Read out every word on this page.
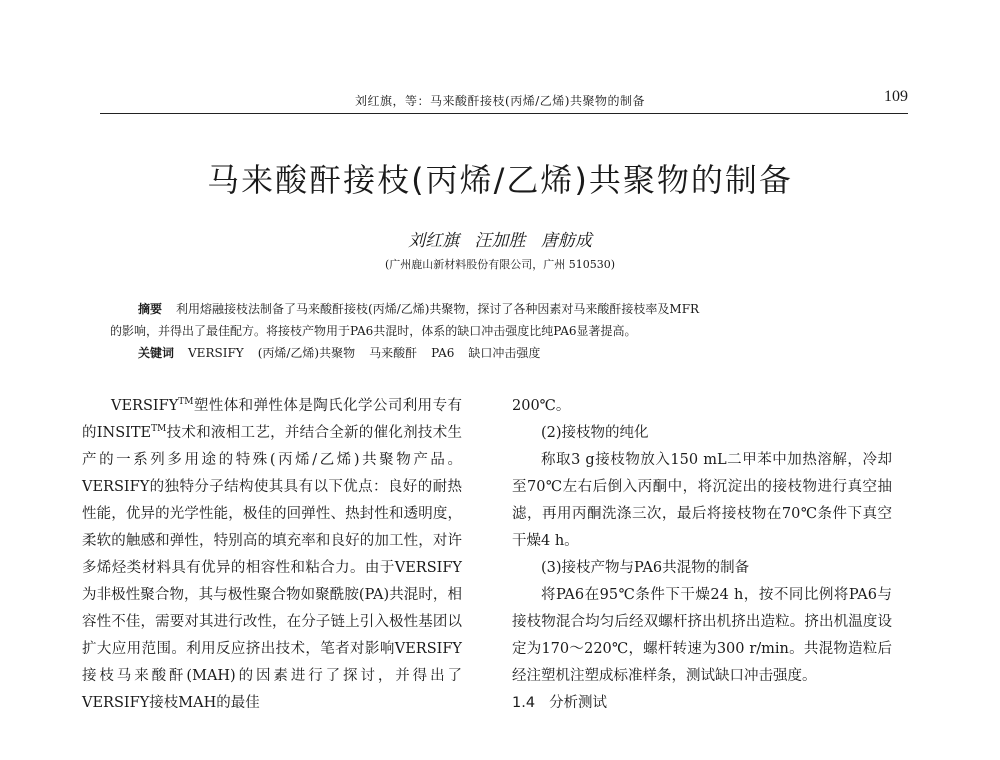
刘红旗，等：马来酸酐接枝(丙烯/乙烯)共聚物的制备	109
马来酸酐接枝(丙烯/乙烯)共聚物的制备
刘红旗 汪加胜 唐舫成
(广州鹿山新材料股份有限公司，广州 510530)

摘要 利用熔融接枝法制备了马来酸酐接枝(丙烯/乙烯)共聚物，探讨了各种因素对马来酸酐接枝率及MFR

的影响，并得出了最佳配方。将接枝产物用于PA6共混时，体系的缺口冲击强度比纯PA6显著提高。

关键词 VERSIFY (丙烯/乙烯)共聚物 马来酸酐 PA6 缺口冲击强度

VERSIFY™塑性体和弹性体是陶氏化学公司利用专有的INSITE™技术和液相工艺，并结合全新的催化剂技术生产的一系列多用途的特殊(丙烯/乙烯)共聚物产品。VERSIFY的独特分子结构使其具有以下优点：良好的耐热性能，优异的光学性能，极佳的回弹性、热封性和透明度，柔软的触感和弹性，特别高的填充率和良好的加工性，对许多烯烃类材料具有优异的相容性和粘合力。由于VERSIFY为非极性聚合物，其与极性聚合物如聚酰胺(PA)共混时，相容性不佳，需要对其进行改性，在分子链上引入极性基团以扩大应用范围。利用反应挤出技术，笔者对影响VERSIFY接枝马来酸酐(MAH)的因素进行了探讨，并得出了VERSIFY接枝MAH的最佳

200℃。

(2)接枝物的纯化

称取3 g接枝物放入150 mL二甲苯中加热溶解，冷却至70℃左右后倒入丙酮中，将沉淀出的接枝物进行真空抽滤，再用丙酮洗涤三次，最后将接枝物在70℃条件下真空干燥4 h。

(3)接枝产物与PA6共混物的制备

将PA6在95℃条件下干燥24 h，按不同比例将PA6与接枝物混合均匀后经双螺杆挤出机挤出造粒。挤出机温度设定为170～220℃，螺杆转速为300 r/min。共混物造粒后经注塑机注塑成标准样条，测试缺口冲击强度。

1.4 分析测试
